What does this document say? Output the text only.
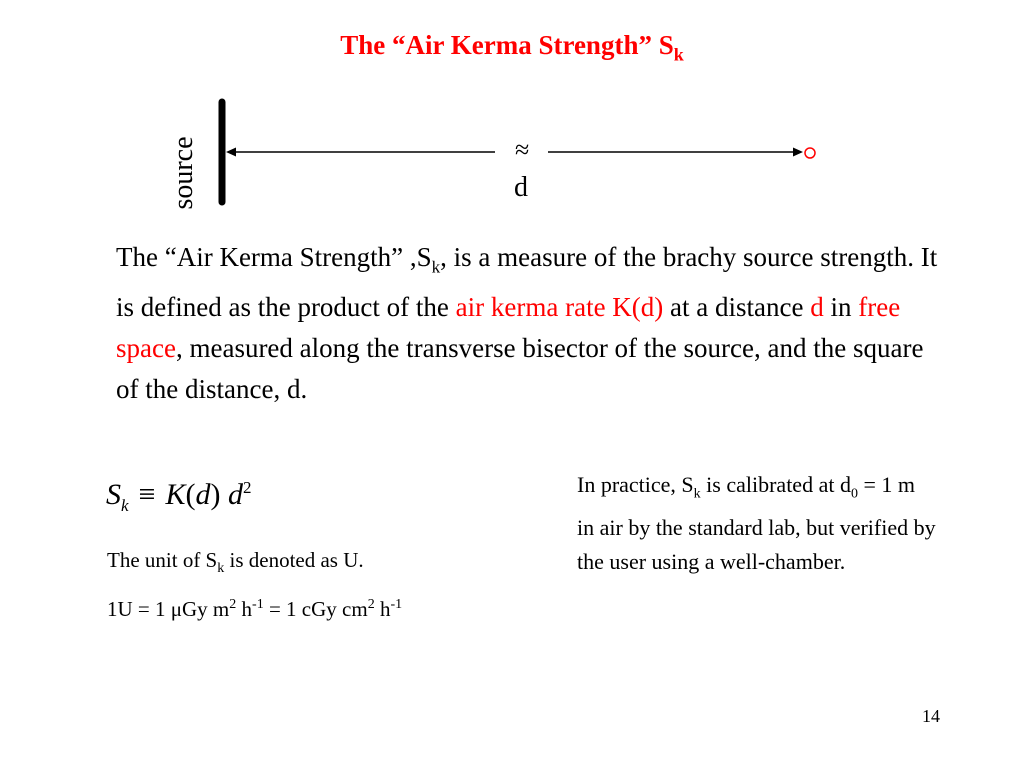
The “Air Kerma Strength” $S_k$
source	≈
d
The “Air Kerma Strength” $,S_k$, is a measure of the brachy source strength. It is defined as the product of the air kerma rate K(d) at a distance d in free space, measured along the transverse bisector of the source, and the square of the distance, d.
$S_k \equiv K(d)$ $d^2$
The unit of $S_k$ is denoted as U.
1U = 1 μGy $m^2$ $h^{-1} = 1$ cGy $cm^2$ $h^{-1}$
In practice, $S_k$ is calibrated at $d_0 = 1$ m in air by the standard lab, but verified by the user using a well-chamber.
14
